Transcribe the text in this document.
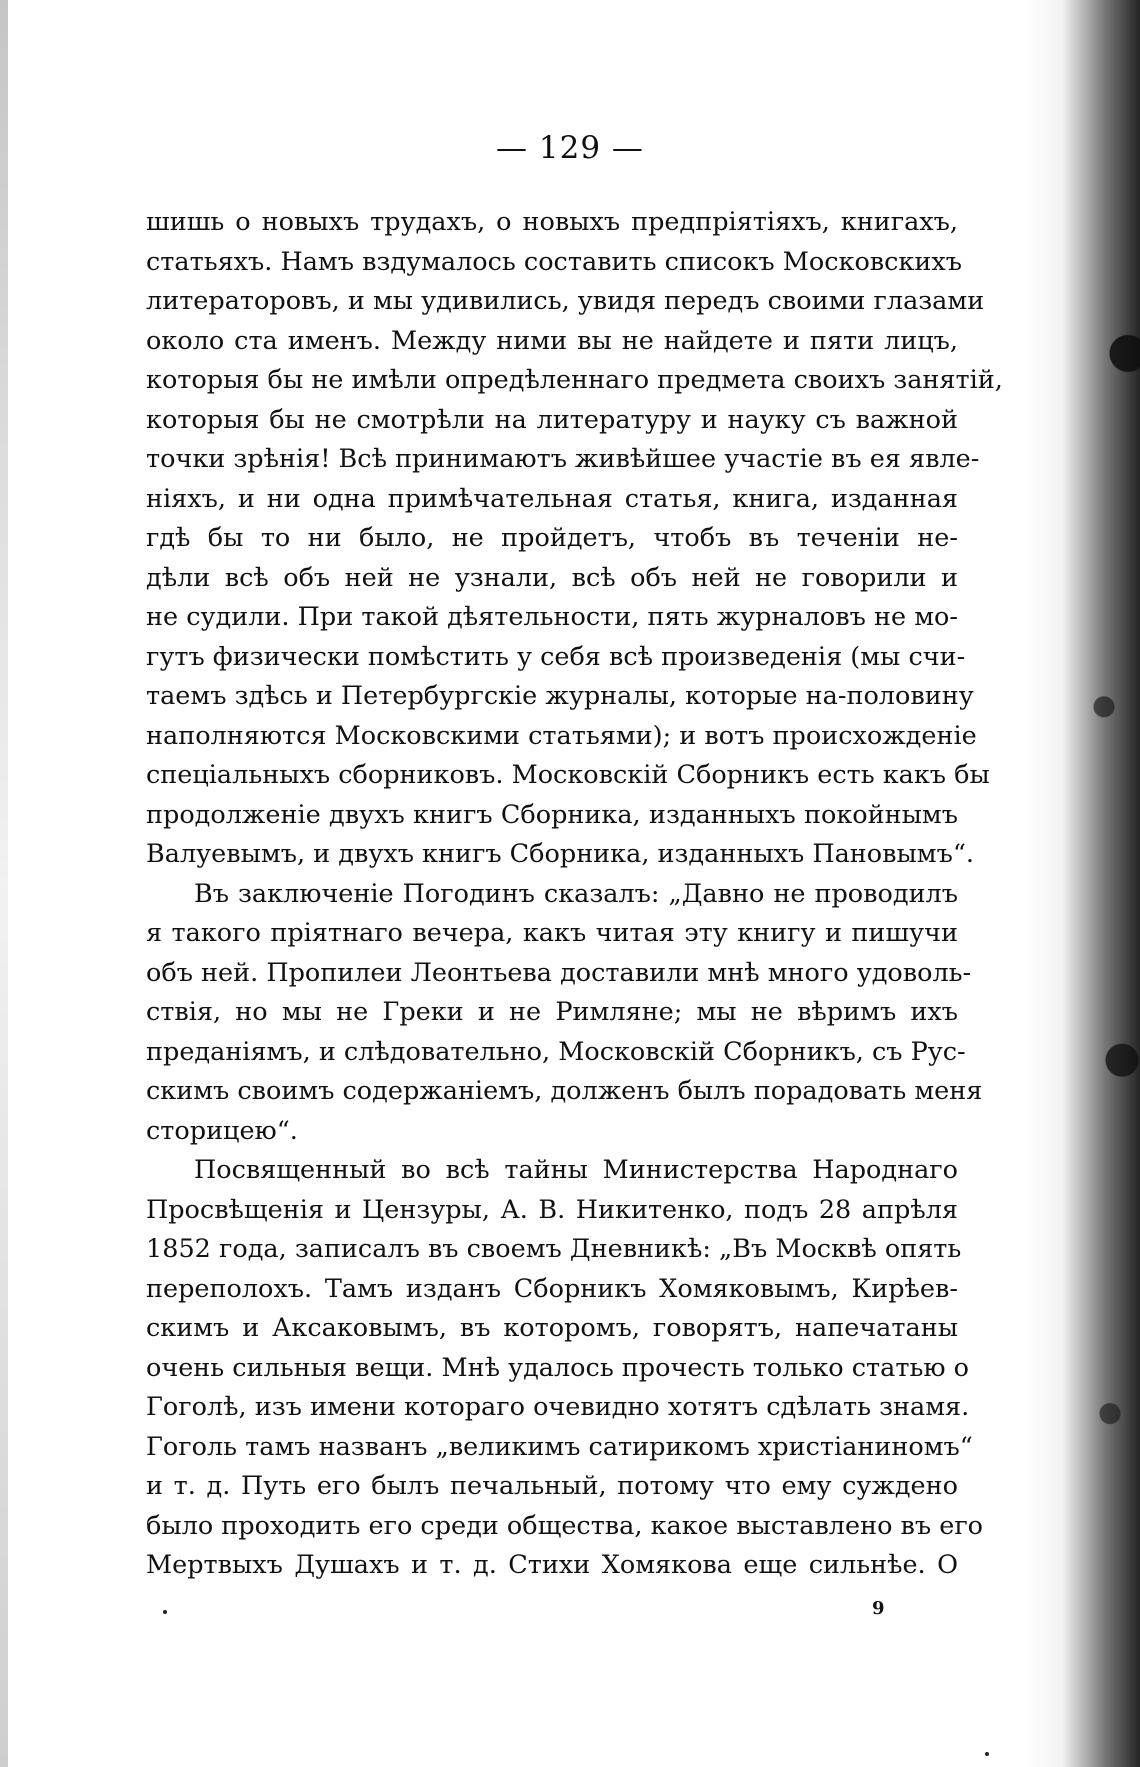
— 129 —
шишь о новыхъ трудахъ, о новыхъ предпріятіяхъ, книгахъ,
статьяхъ. Намъ вздумалось составить списокъ Московскихъ
литераторовъ, и мы удивились, увидя передъ своими глазами
около ста именъ. Между ними вы не найдете и пяти лицъ,
которыя бы не имѣли опредѣленнаго предмета своихъ занятій,
которыя бы не смотрѣли на литературу и науку съ важной
точки зрѣнія! Всѣ принимаютъ живѣйшее участіе въ ея явле-
ніяхъ, и ни одна примѣчательная статья, книга, изданная
гдѣ бы то ни было, не пройдетъ, чтобъ въ теченіи не-
дѣли всѣ объ ней не узнали, всѣ объ ней не говорили и
не судили. При такой дѣятельности, пять журналовъ не мо-
гутъ физически помѣстить у себя всѣ произведенія (мы счи-
таемъ здѣсь и Петербургскіе журналы, которые на-половину
наполняются Московскими статьями); и вотъ происхожденіе
спеціальныхъ сборниковъ. Московскій Сборникъ есть какъ бы
продолженіе двухъ книгъ Сборника, изданныхъ покойнымъ
Валуевымъ, и двухъ книгъ Сборника, изданныхъ Пановымъ“.
Въ заключеніе Погодинъ сказалъ: „Давно не проводилъ
я такого пріятнаго вечера, какъ читая эту книгу и пишучи
объ ней. Пропилеи Леонтьева доставили мнѣ много удоволь-
ствія, но мы не Греки и не Римляне; мы не вѣримъ ихъ
преданіямъ, и слѣдовательно, Московскій Сборникъ, съ Рус-
скимъ своимъ содержаніемъ, долженъ былъ порадовать меня
сторицею“.
Посвященный во всѣ тайны Министерства Народнаго
Просвѣщенія и Цензуры, А. В. Никитенко, подъ 28 апрѣля
1852 года, записалъ въ своемъ Дневникѣ: „Въ Москвѣ опять
переполохъ. Тамъ изданъ Сборникъ Хомяковымъ, Кирѣев-
скимъ и Аксаковымъ, въ которомъ, говорятъ, напечатаны
очень сильныя вещи. Мнѣ удалось прочесть только статью о
Гоголѣ, изъ имени котораго очевидно хотятъ сдѣлать знамя.
Гоголь тамъ названъ „великимъ сатирикомъ христіаниномъ“
и т. д. Путь его былъ печальный, потому что ему суждено
было проходить его среди общества, какое выставлено въ его
Мертвыхъ Душахъ и т. д. Стихи Хомякова еще сильнѣе. О
9
